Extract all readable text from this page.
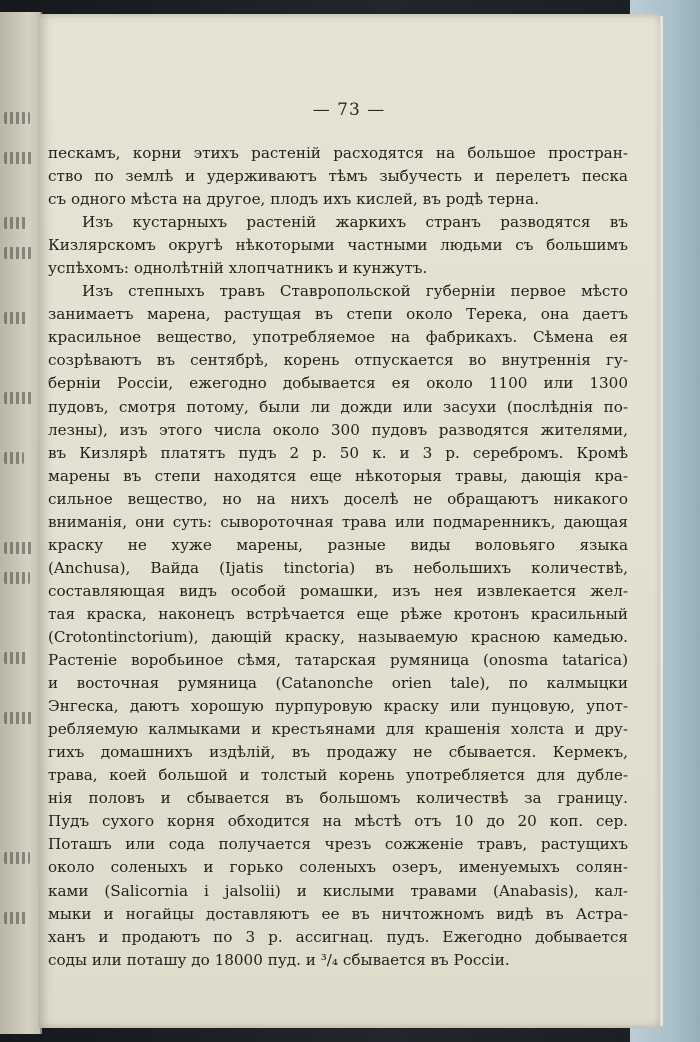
— 73 —
пескамъ, корни этихъ растенiй расходятся на большое простран-
ство по землѣ и удерживаютъ тѣмъ зыбучесть и перелетъ песка
съ одного мѣста на другое, плодъ ихъ кислей, въ родѣ терна.
Изъ кустарныхъ растенiй жаркихъ странъ разводятся въ
Кизлярскомъ округѣ нѣкоторыми частными людьми съ большимъ
успѣхомъ: однолѣтнiй хлопчатникъ и кунжутъ.
Изъ степныхъ травъ Ставропольской губернiи первое мѣсто
занимаетъ марена, растущая въ степи около Терека, она даетъ
красильное вещество, употребляемое на фабрикахъ. Сѣмена ея
созрѣваютъ въ сентябрѣ, корень отпускается во внутреннiя гу-
бернiи Россiи, ежегодно добывается ея около 1100 или 1300
пудовъ, смотря потому, были ли дожди или засухи (послѣднiя по-
лезны), изъ этого числа около 300 пудовъ разводятся жителями,
въ Кизлярѣ платятъ пудъ 2 р. 50 к. и 3 р. серебромъ. Кромѣ
марены въ степи находятся еще нѣкоторыя травы, дающiя кра-
сильное вещество, но на нихъ доселѣ не обращаютъ никакого
вниманiя, они суть: сывороточная трава или подмаренникъ, дающая
краску не хуже марены, разные виды воловьяго языка
(Anchusa), Вайда (Ijatis tinctoria) въ небольшихъ количествѣ,
составляющая видъ особой ромашки, изъ нея извлекается жел-
тая краска, наконецъ встрѣчается еще рѣже кротонъ красильный
(Crotontinctorium), дающiй краску, называемую красною камедью.
Растенiе воробьиное сѣмя, татарская румяница (onosma tatarica)
и восточная румяница (Catanonche orien tale), по калмыцки
Энгеска, даютъ хорошую пурпуровую краску или пунцовую, упот-
ребляемую калмыками и крестьянами для крашенiя холста и дру-
гихъ домашнихъ издѣлiй, въ продажу не сбывается. Кермекъ,
трава, коей большой и толстый корень употребляется для дубле-
нiя половъ и сбывается въ большомъ количествѣ за границу.
Пудъ сухого корня обходится на мѣстѣ отъ 10 до 20 коп. сер.
Поташъ или сода получается чрезъ сожженiе травъ, растущихъ
около соленыхъ и горько соленыхъ озеръ, именуемыхъ солян-
ками (Salicornia i jalsolii) и кислыми травами (Anabasis), кал-
мыки и ногайцы доставляютъ ее въ ничтожномъ видѣ въ Астра-
ханъ и продаютъ по 3 р. ассигнац. пудъ. Ежегодно добывается
соды или поташу до 18000 пуд. и ³/₄ сбывается въ Россiи.
